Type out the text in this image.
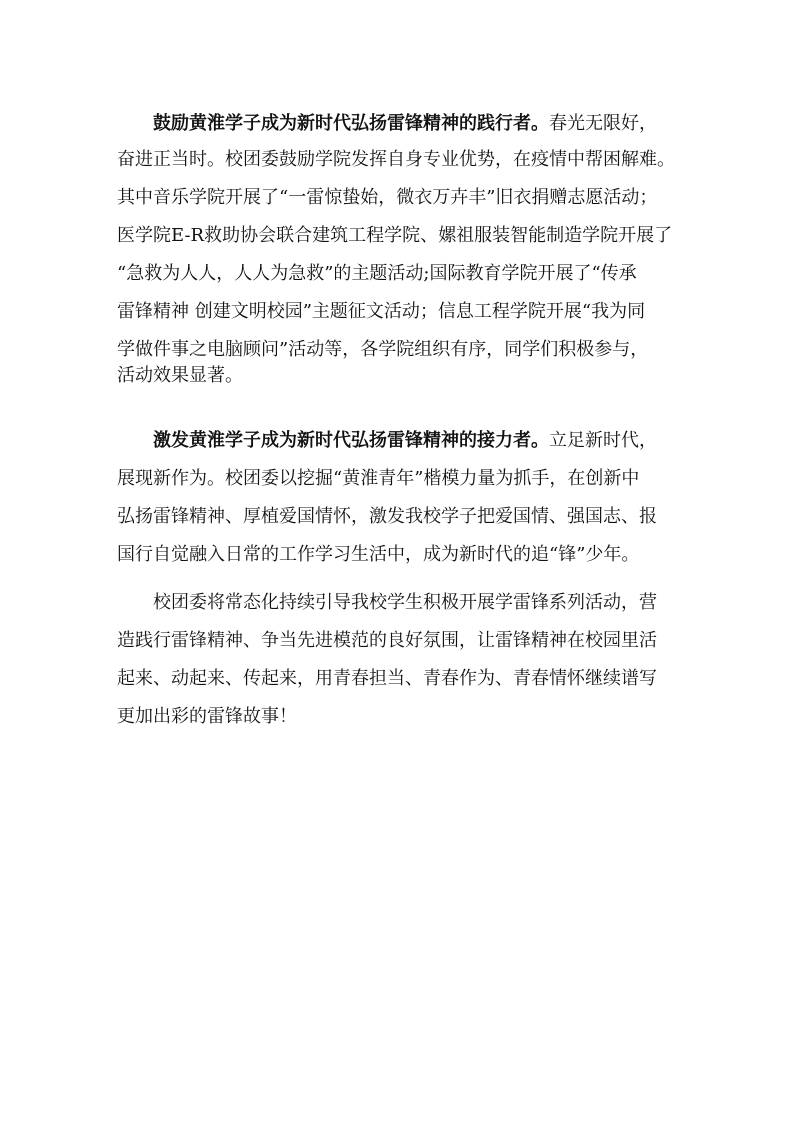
鼓励黄淮学子成为新时代弘扬雷锋精神的践行者。春光无限好，
奋进正当时。校团委鼓励学院发挥自身专业优势，在疫情中帮困解难。
其中音乐学院开展了“一雷惊蛰始，微衣万卉丰”旧衣捐赠志愿活动；
医学院E-R救助协会联合建筑工程学院、嫘祖服装智能制造学院开展了
“急救为人人，人人为急救”的主题活动;国际教育学院开展了“传承
雷锋精神 创建文明校园”主题征文活动；信息工程学院开展“我为同
学做件事之电脑顾问”活动等，各学院组织有序，同学们积极参与，
活动效果显著。
激发黄淮学子成为新时代弘扬雷锋精神的接力者。立足新时代，
展现新作为。校团委以挖掘“黄淮青年”楷模力量为抓手，在创新中
弘扬雷锋精神、厚植爱国情怀，激发我校学子把爱国情、强国志、报
国行自觉融入日常的工作学习生活中，成为新时代的追“锋”少年。
校团委将常态化持续引导我校学生积极开展学雷锋系列活动，营
造践行雷锋精神、争当先进模范的良好氛围，让雷锋精神在校园里活
起来、动起来、传起来，用青春担当、青春作为、青春情怀继续谱写
更加出彩的雷锋故事！
